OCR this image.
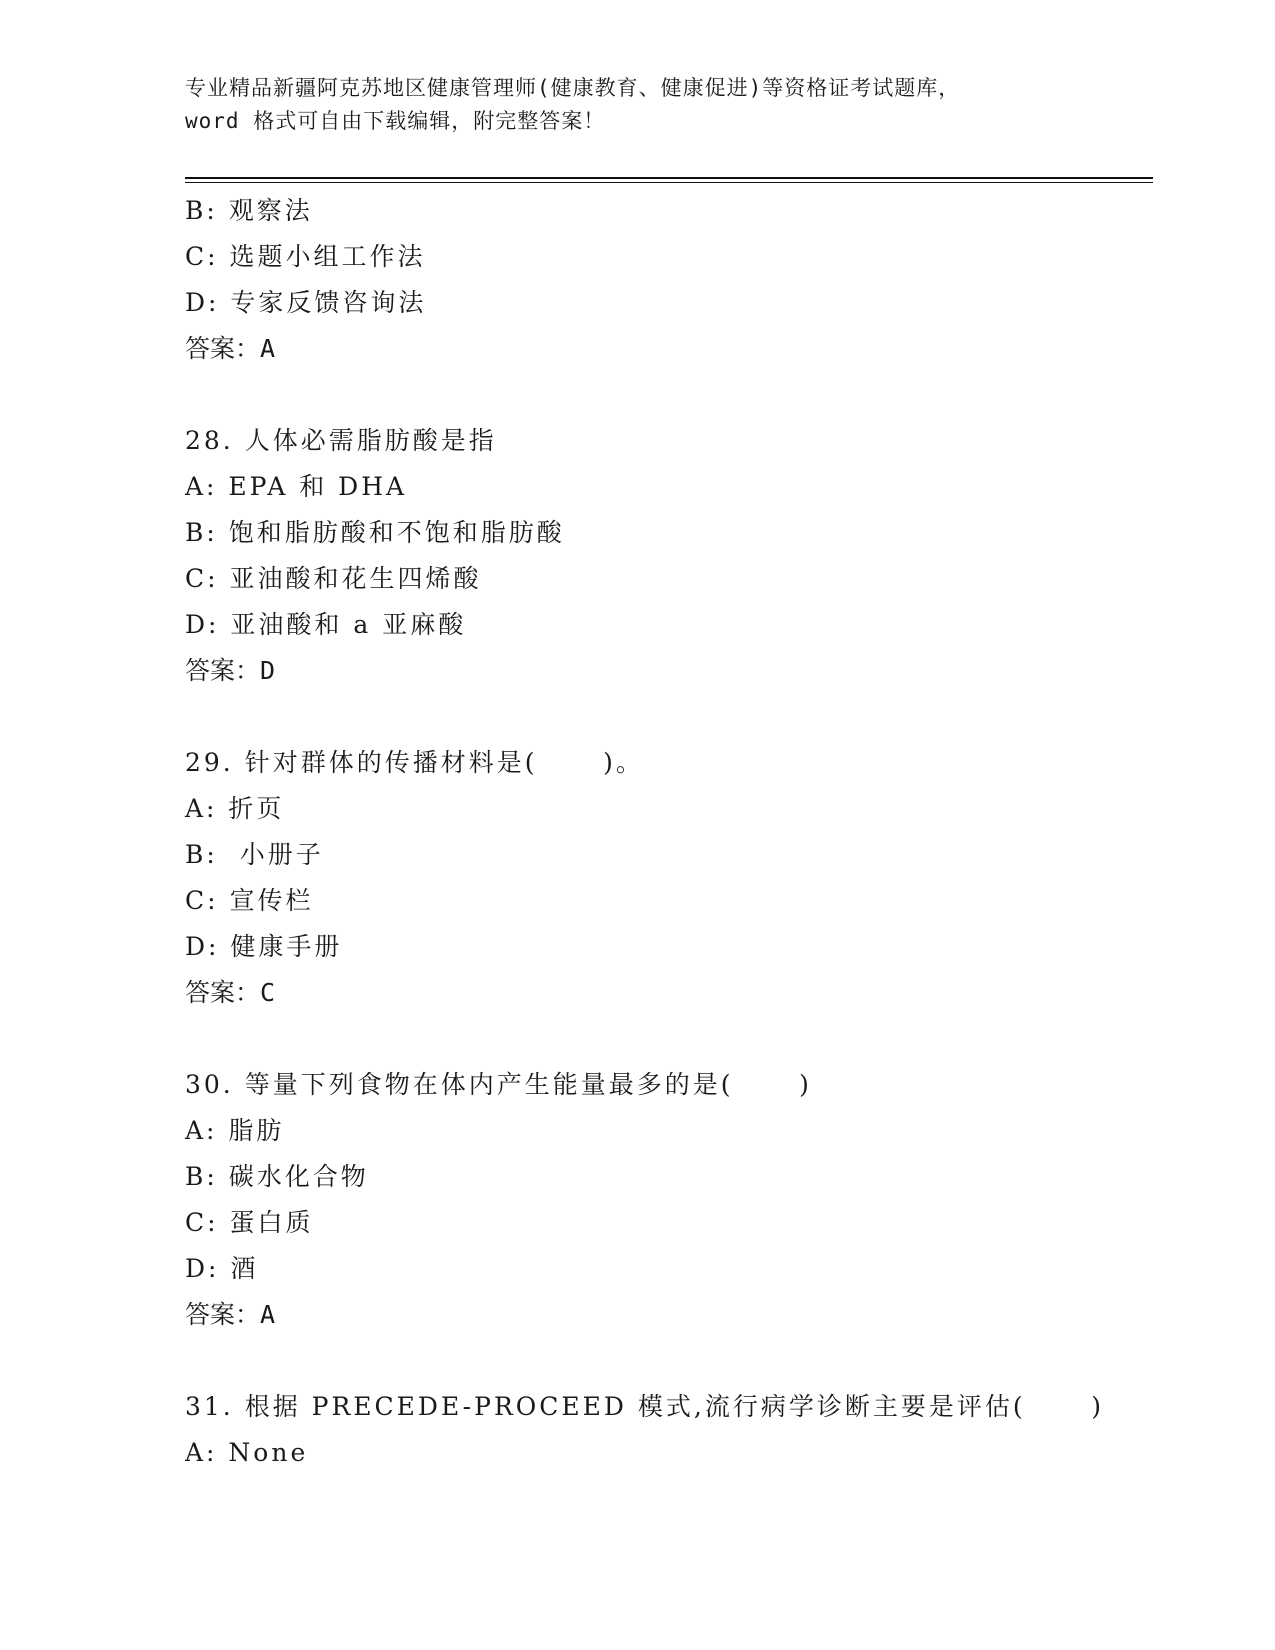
专业精品新疆阿克苏地区健康管理师(健康教育、健康促进)等资格证考试题库，
word 格式可自由下载编辑，附完整答案！
B: 观察法
C: 选题小组工作法
D: 专家反馈咨询法
答案：A
28. 人体必需脂肪酸是指
A: EPA 和 DHA
B: 饱和脂肪酸和不饱和脂肪酸
C: 亚油酸和花生四烯酸
D: 亚油酸和 a 亚麻酸
答案：D
29. 针对群体的传播材料是(      )。
A: 折页
B:  小册子
C: 宣传栏
D: 健康手册
答案：C
30. 等量下列食物在体内产生能量最多的是(      )
A: 脂肪
B: 碳水化合物
C: 蛋白质
D: 酒
答案：A
31. 根据 PRECEDE-PROCEED 模式,流行病学诊断主要是评估(      )
A: None
